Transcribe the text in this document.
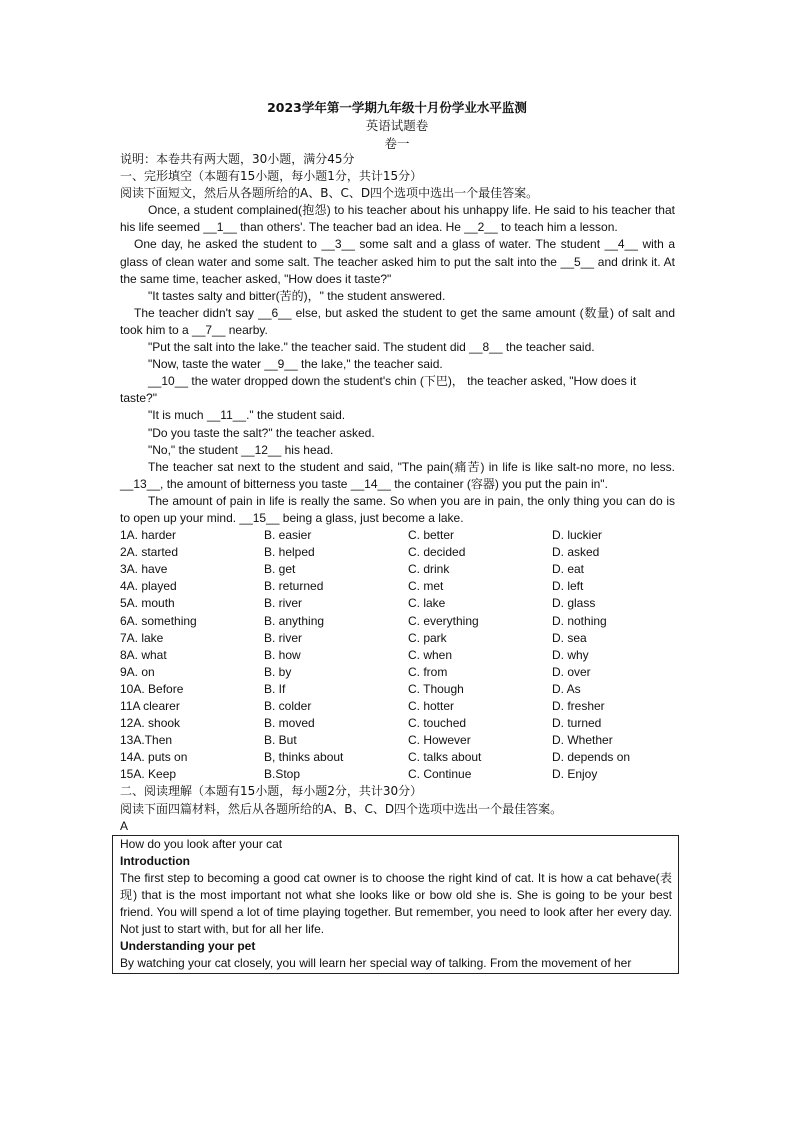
2023学年第一学期九年级十月份学业水平监测
英语试题卷
卷一

说明：本卷共有两大题，30小题，满分45分

一、完形填空（本题有15小题，每小题1分，共计15分）

阅读下面短文，然后从各题所给的A、B、C、D四个选项中选出一个最佳答案。

Once, a student complained(抱怨) to his teacher about his unhappy life. He said to his teacher that his life seemed __1__ than others'. The teacher bad an idea. He __2__ to teach him a lesson.

One day, he asked the student to __3__ some salt and a glass of water. The student __4__ with a glass of clean water and some salt. The teacher asked him to put the salt into the __5__ and drink it. At the same time, teacher asked, "How does it taste?"

"It tastes salty and bitter(苦的)，" the student answered.

The teacher didn't say __6__ else, but asked the student to get the same amount (数量) of salt and took him to a __7__ nearby.

"Put the salt into the lake." the teacher said. The student did __8__ the teacher said.

"Now, taste the water __9__ the lake," the teacher said.

__10__ the water dropped down the student's chin (下巴)， the teacher asked, "How does it

taste?"

"It is much __11__." the student said.

"Do you taste the salt?" the teacher asked.

"No," the student __12__ his head.

The teacher sat next to the student and said, "The pain(痛苦) in life is like salt-no more, no less. __13__, the amount of bitterness you taste __14__ the container (容器) you put the pain in".

The amount of pain in life is really the same. So when you are in pain, the only thing you can do is to open up your mind. __15__ being a glass, just become a lake.

1A. harder	B. easier	C. better	D. luckier
2A. started	B. helped	C. decided	D. asked
3A. have	B. get	C. drink	D. eat
4A. played	B. returned	C. met	D. left
5A. mouth	B. river	C. lake	D. glass
6A. something	B. anything	C. everything	D. nothing
7A. lake	B. river	C. park	D. sea
8A. what	B. how	C. when	D. why
9A. on	B. by	C. from	D. over
10A. Before	B. If	C. Though	D. As
11A clearer	B. colder	C. hotter	D. fresher
12A. shook	B. moved	C. touched	D. turned
13A.Then	B. But	C. However	D. Whether
14A. puts on	B, thinks about	C. talks about	D. depends on
15A. Keep	B.Stop	C. Continue	D. Enjoy

二、阅读理解（本题有15小题，每小题2分，共计30分）

阅读下面四篇材料，然后从各题所给的A、B、C、D四个选项中选出一个最佳答案。

A

How do you look after your cat

Introduction

The first step to becoming a good cat owner is to choose the right kind of cat. It is how a cat behave(表现) that is the most important not what she looks like or bow old she is. She is going to be your best friend. You will spend a lot of time playing together. But remember, you need to look after her every day. Not just to start with, but for all her life.

Understanding your pet

By watching your cat closely, you will learn her special way of talking. From the movement of her
